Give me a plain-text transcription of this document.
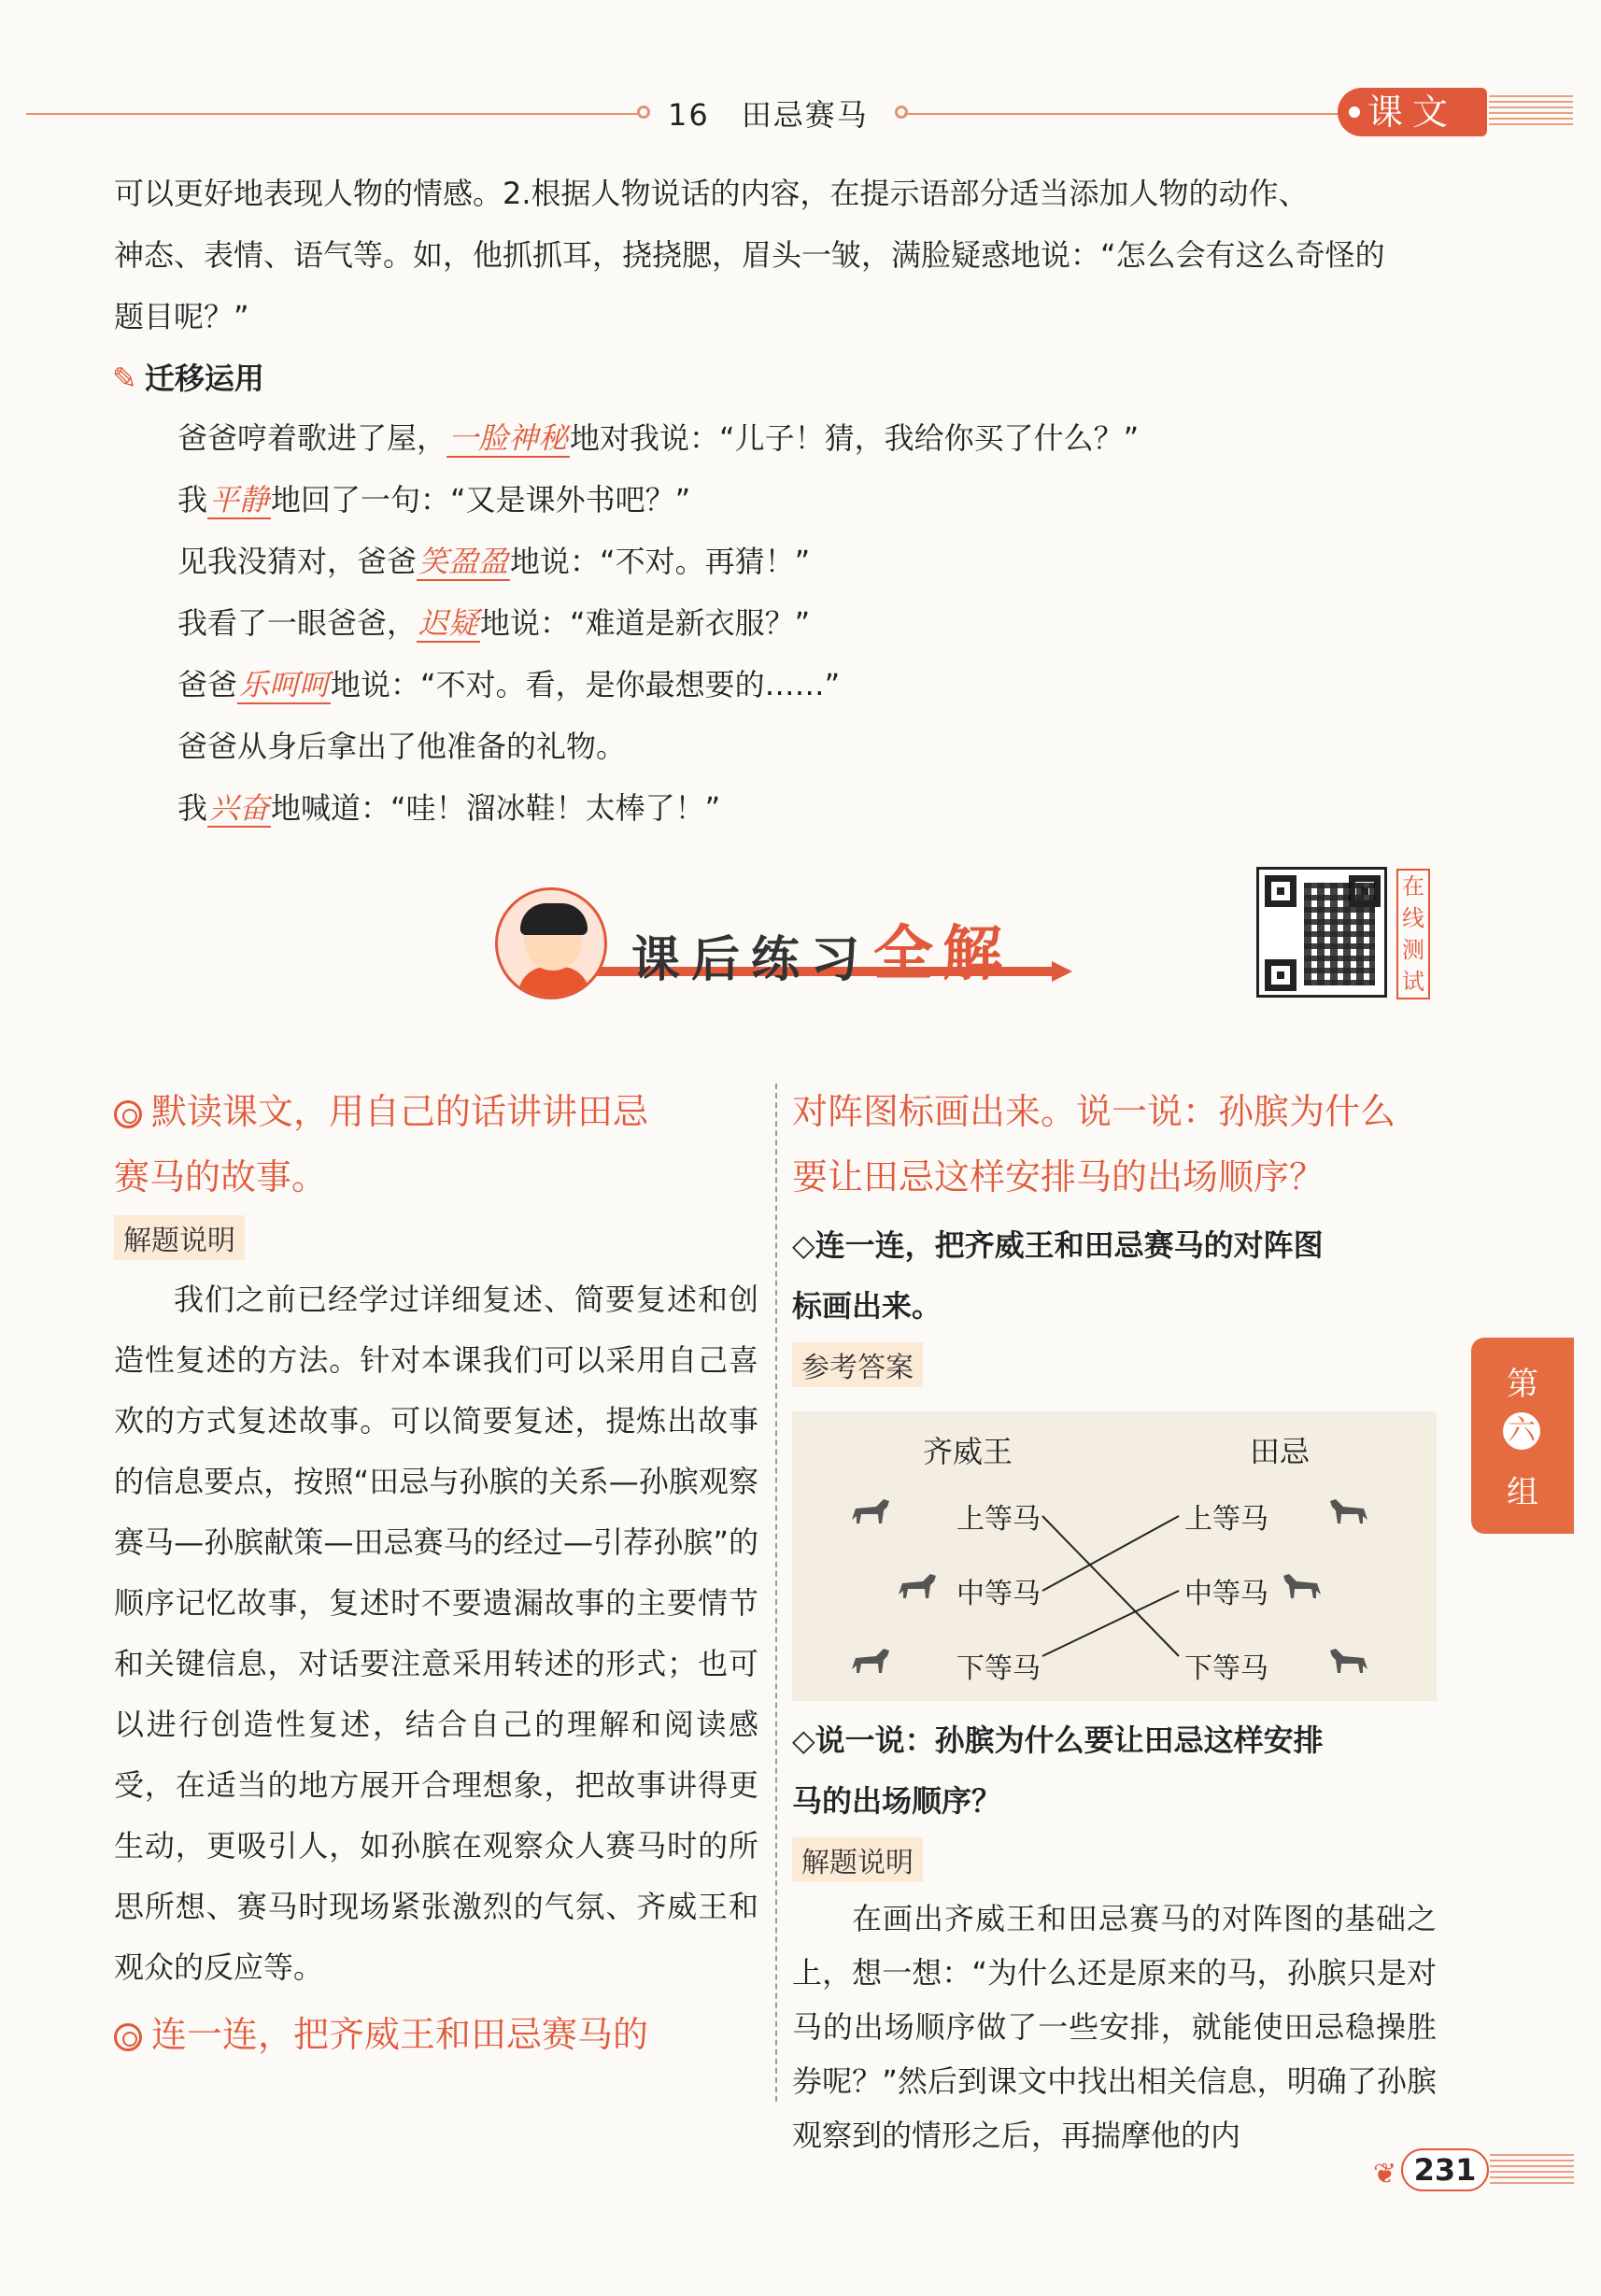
16　田忌赛马	课文
可以更好地表现人物的情感。2.根据人物说话的内容，在提示语部分适当添加人物的动作、
神态、表情、语气等。如，他抓抓耳，挠挠腮，眉头一皱，满脸疑惑地说：“怎么会有这么奇怪的
题目呢？”
✎ 迁移运用
爸爸哼着歌进了屋，一脸神秘地对我说：“儿子！猜，我给你买了什么？”
我平静地回了一句：“又是课外书吧？”
见我没猜对，爸爸笑盈盈地说：“不对。再猜！”
我看了一眼爸爸，迟疑地说：“难道是新衣服？”
爸爸乐呵呵地说：“不对。看，是你最想要的……”
爸爸从身后拿出了他准备的礼物。
我兴奋地喊道：“哇！溜冰鞋！太棒了！”
课后练习 全解
在线测试
默读课文，用自己的话讲讲田忌
赛马的故事。
解题说明
我们之前已经学过详细复述、简要复述和创造性复述的方法。针对本课我们可以采用自己喜欢的方式复述故事。可以简要复述，提炼出故事的信息要点，按照“田忌与孙膑的关系—孙膑观察赛马—孙膑献策—田忌赛马的经过—引荐孙膑”的顺序记忆故事，复述时不要遗漏故事的主要情节和关键信息，对话要注意采用转述的形式；也可以进行创造性复述，结合自己的理解和阅读感受，在适当的地方展开合理想象，把故事讲得更生动，更吸引人，如孙膑在观察众人赛马时的所思所想、赛马时现场紧张激烈的气氛、齐威王和观众的反应等。
连一连，把齐威王和田忌赛马的
对阵图标画出来。说一说：孙膑为什么
要让田忌这样安排马的出场顺序？
◇连一连，把齐威王和田忌赛马的对阵图
标画出来。
参考答案
齐威王	田忌
上等马
中等马
下等马
上等马
中等马
下等马
◇说一说：孙膑为什么要让田忌这样安排
马的出场顺序？
解题说明
在画出齐威王和田忌赛马的对阵图的基础之上，想一想：“为什么还是原来的马，孙膑只是对马的出场顺序做了一些安排，就能使田忌稳操胜券呢？”然后到课文中找出相关信息，明确了孙膑观察到的情形之后，再揣摩他的内
第
六
组
❦ 231
